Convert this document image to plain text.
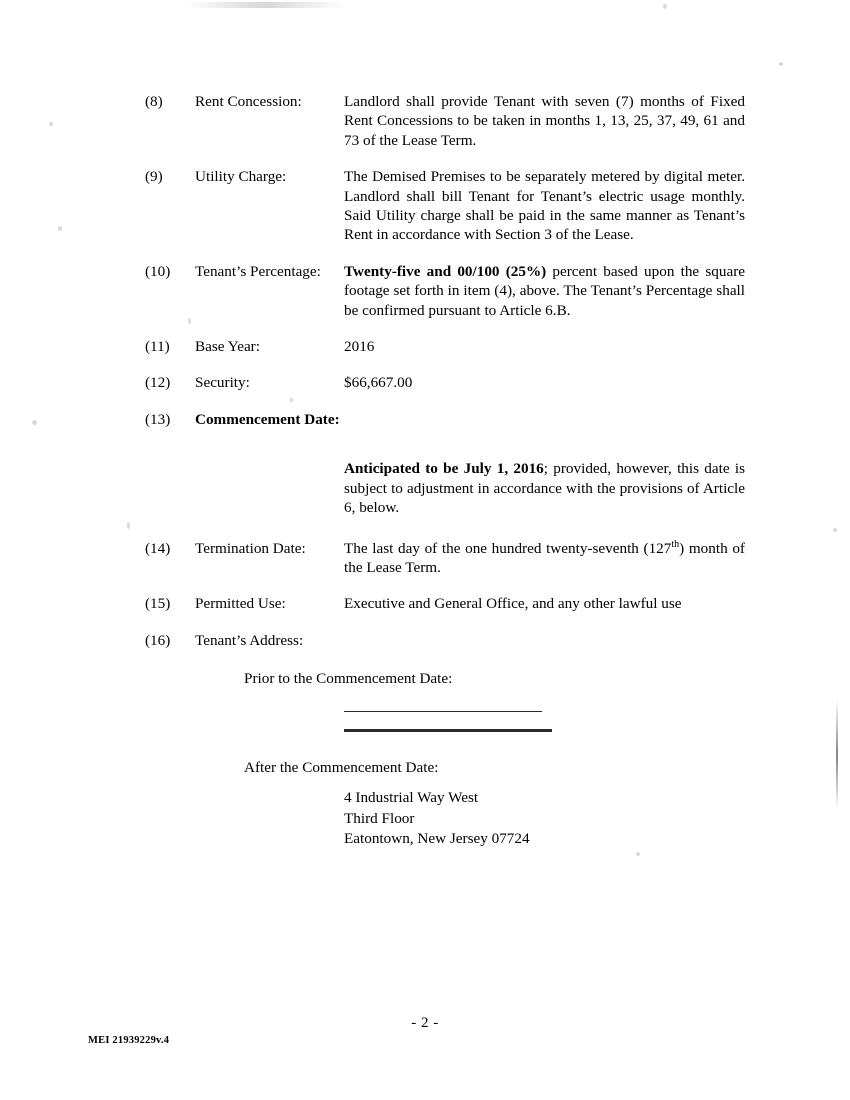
(8)	Rent Concession:	Landlord shall provide Tenant with seven (7) months of Fixed Rent Concessions to be taken in months 1, 13, 25, 37, 49, 61 and 73 of the Lease Term.
(9)	Utility Charge:	The Demised Premises to be separately metered by digital meter. Landlord shall bill Tenant for Tenant’s electric usage monthly. Said Utility charge shall be paid in the same manner as Tenant’s Rent in accordance with Section 3 of the Lease.
(10)	Tenant’s Percentage:	Twenty-five and 00/100 (25%) percent based upon the square footage set forth in item (4), above. The Tenant’s Percentage shall be confirmed pursuant to Article 6.B.
(11)	Base Year:	2016
(12)	Security:	$66,667.00
(13)	Commencement Date:
Anticipated to be July 1, 2016; provided, however, this date is subject to adjustment in accordance with the provisions of Article 6, below.
(14)	Termination Date:	The last day of the one hundred twenty-seventh (127th) month of the Lease Term.
(15)	Permitted Use:	Executive and General Office, and any other lawful use
(16)	Tenant’s Address:
Prior to the Commencement Date:
After the Commencement Date:
4 Industrial Way West
Third Floor
Eatontown, New Jersey 07724
- 2 -
MEI 21939229v.4
